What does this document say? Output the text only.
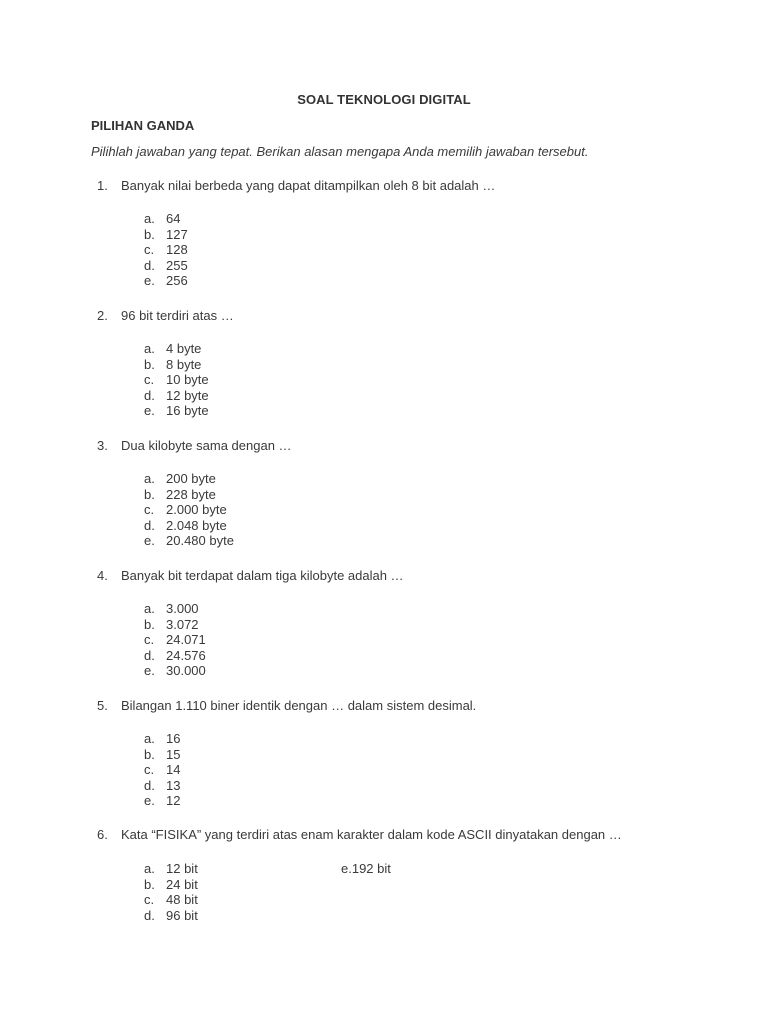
SOAL TEKNOLOGI DIGITAL
PILIHAN GANDA
Pilihlah jawaban yang tepat. Berikan alasan mengapa Anda memilih jawaban tersebut.
1. Banyak nilai berbeda yang dapat ditampilkan oleh 8 bit adalah …
a. 64
b. 127
c. 128
d. 255
e. 256
2. 96 bit terdiri atas …
a. 4 byte
b. 8 byte
c. 10 byte
d. 12 byte
e. 16 byte
3. Dua kilobyte sama dengan …
a. 200 byte
b. 228 byte
c. 2.000 byte
d. 2.048 byte
e. 20.480 byte
4. Banyak bit terdapat dalam tiga kilobyte adalah …
a. 3.000
b. 3.072
c. 24.071
d. 24.576
e. 30.000
5. Bilangan 1.110 biner identik dengan … dalam sistem desimal.
a. 16
b. 15
c. 14
d. 13
e. 12
6. Kata “FISIKA” yang terdiri atas enam karakter dalam kode ASCII dinyatakan dengan …
a. 12 bit
b. 24 bit
c. 48 bit
d. 96 bit
e.192 bit
